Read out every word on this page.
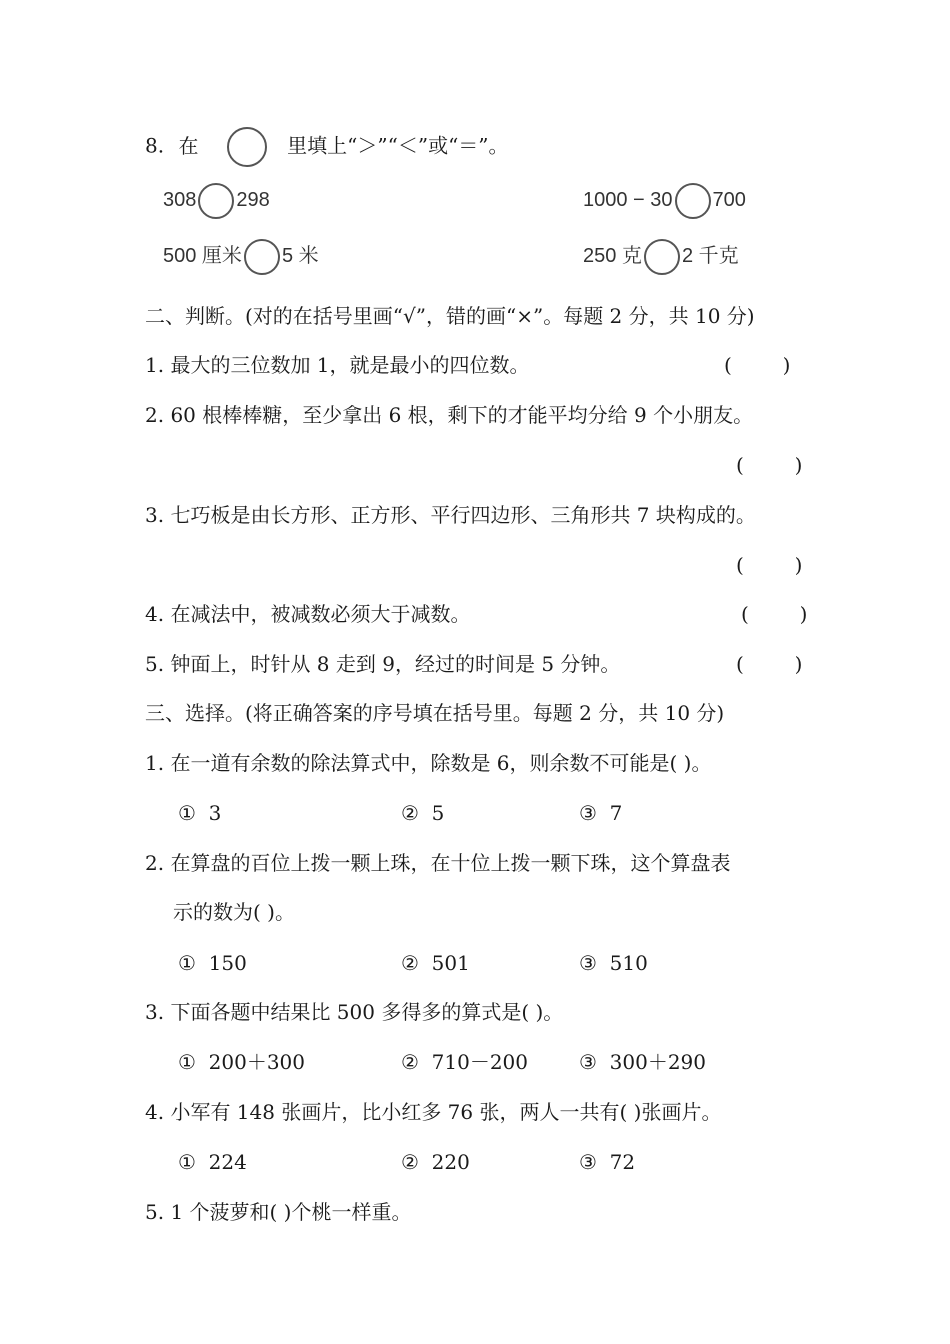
8. 在	里填上“＞”“＜”或“＝”。
308 298	1000 − 30 700
500 厘米 5 米	250 克 2 千克
二、判断。(对的在括号里画“√”，错的画“×”。每题 2 分，共 10 分)
1. 最大的三位数加 1，就是最小的四位数。	(        )
2. 60 根棒棒糖，至少拿出 6 根，剩下的才能平均分给 9 个小朋友。
(        )
3. 七巧板是由长方形、正方形、平行四边形、三角形共 7 块构成的。
(        )
4. 在减法中，被减数必须大于减数。	(        )
5. 钟面上，时针从 8 走到 9，经过的时间是 5 分钟。	(        )
三、选择。(将正确答案的序号填在括号里。每题 2 分，共 10 分)
1. 在一道有余数的除法算式中，除数是 6，则余数不可能是( )。
①  3	②  5	③  7
2. 在算盘的百位上拨一颗上珠，在十位上拨一颗下珠，这个算盘表
示的数为( )。
①  150	②  501	③  510
3. 下面各题中结果比 500 多得多的算式是( )。
①  200＋300	②  710－200	③  300＋290
4. 小军有 148 张画片，比小红多 76 张，两人一共有( )张画片。
①  224	②  220	③  72
5. 1 个菠萝和( )个桃一样重。
